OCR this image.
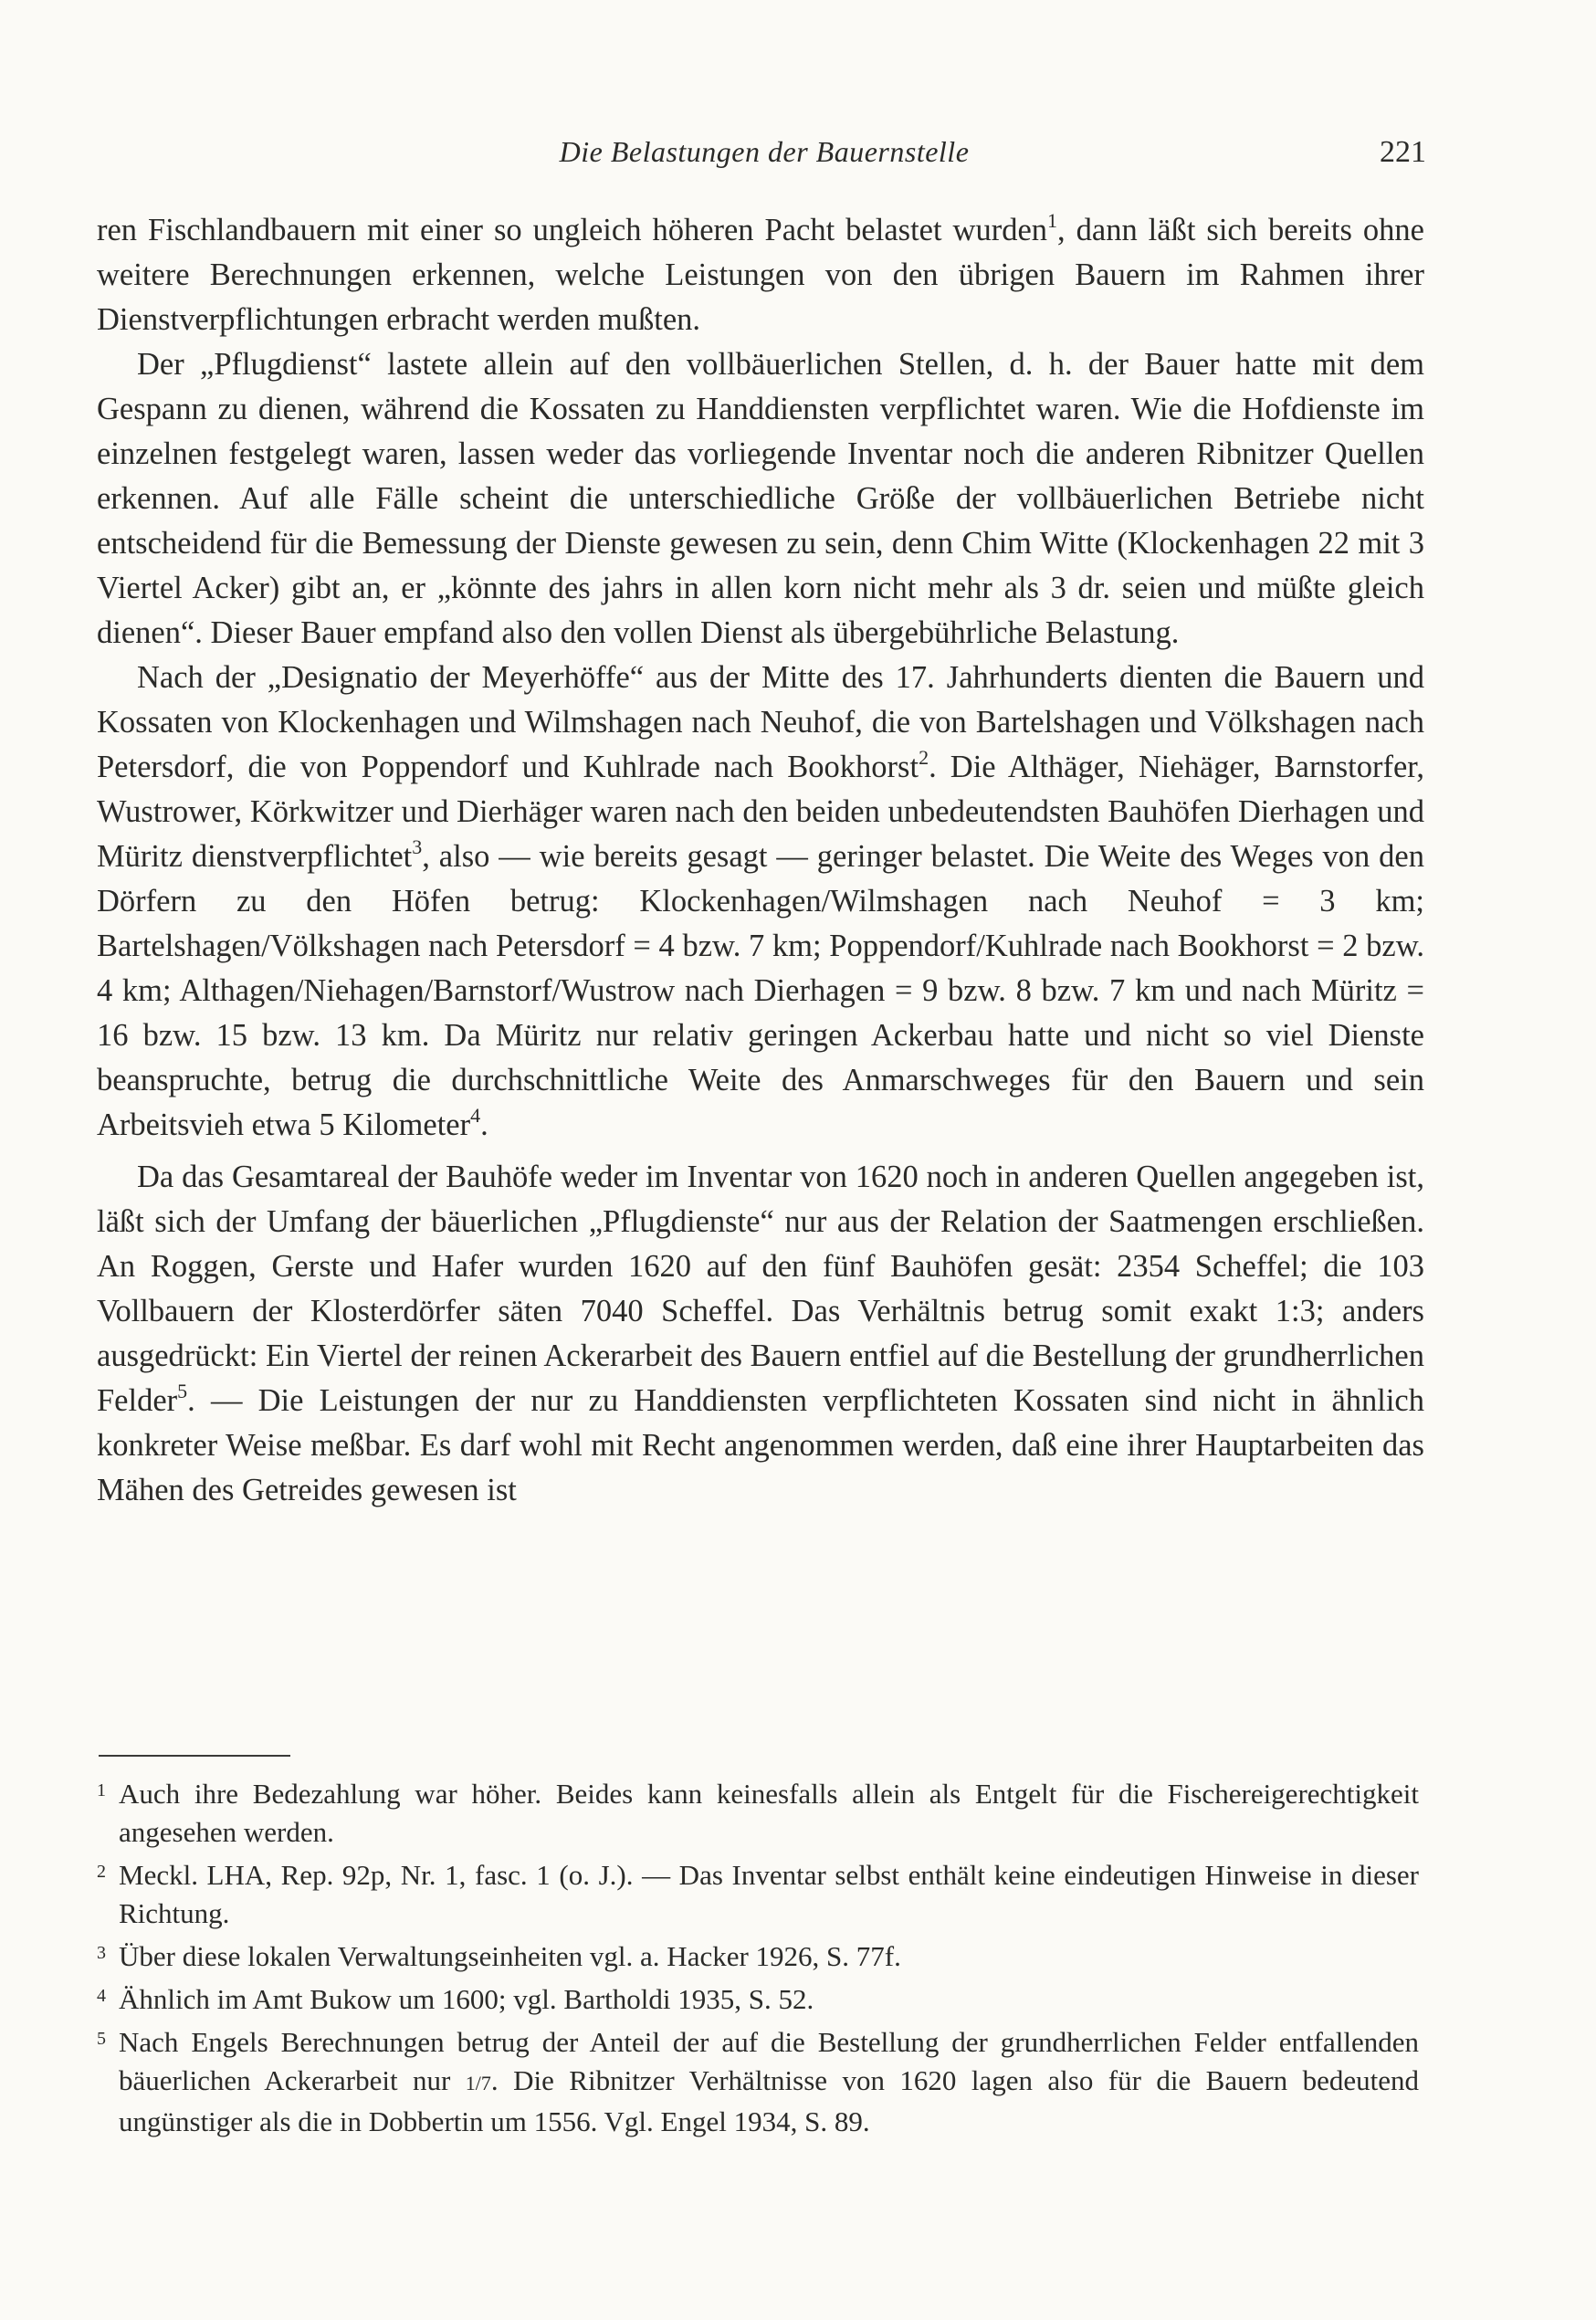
Die Belastungen der Bauernstelle	221

ren Fischlandbauern mit einer so ungleich höheren Pacht belastet wurden$^1$, dann läßt sich bereits ohne weitere Berechnungen erkennen, welche Leistungen von den übrigen Bauern im Rahmen ihrer Dienstverpflichtungen erbracht werden mußten.

Der „Pflugdienst“ lastete allein auf den vollbäuerlichen Stellen, d. h. der Bauer hatte mit dem Gespann zu dienen, während die Kossaten zu Handdiensten verpflichtet waren. Wie die Hofdienste im einzelnen festgelegt waren, lassen weder das vorliegende Inventar noch die anderen Ribnitzer Quellen erkennen. Auf alle Fälle scheint die unterschiedliche Größe der vollbäuerlichen Betriebe nicht entscheidend für die Bemessung der Dienste gewesen zu sein, denn Chim Witte (Klockenhagen 22 mit 3 Viertel Acker) gibt an, er „könnte des jahrs in allen korn nicht mehr als 3 dr. seien und müßte gleich dienen“. Dieser Bauer empfand also den vollen Dienst als übergebührliche Belastung.

Nach der „Designatio der Meyerhöffe“ aus der Mitte des 17. Jahrhunderts dienten die Bauern und Kossaten von Klockenhagen und Wilmshagen nach Neuhof, die von Bartelshagen und Völkshagen nach Petersdorf, die von Poppendorf und Kuhlrade nach Bookhorst$^2$. Die Althäger, Niehäger, Barnstorfer, Wustrower, Körkwitzer und Dierhäger waren nach den beiden unbedeutendsten Bauhöfen Dierhagen und Müritz dienstverpflichtet$^3$, also — wie bereits gesagt — geringer belastet. Die Weite des Weges von den Dörfern zu den Höfen betrug: Klockenhagen/Wilmshagen nach Neuhof = 3 km; Bartelshagen/Völkshagen nach Petersdorf = 4 bzw. 7 km; Poppendorf/Kuhlrade nach Bookhorst = 2 bzw. 4 km; Althagen/Niehagen/Barnstorf/Wustrow nach Dierhagen = 9 bzw. 8 bzw. 7 km und nach Müritz = 16 bzw. 15 bzw. 13 km. Da Müritz nur relativ geringen Ackerbau hatte und nicht so viel Dienste beanspruchte, betrug die durchschnittliche Weite des Anmarschweges für den Bauern und sein Arbeitsvieh etwa 5 Kilometer$^4$.

Da das Gesamtareal der Bauhöfe weder im Inventar von 1620 noch in anderen Quellen angegeben ist, läßt sich der Umfang der bäuerlichen „Pflugdienste“ nur aus der Relation der Saatmengen erschließen. An Roggen, Gerste und Hafer wurden 1620 auf den fünf Bauhöfen gesät: 2354 Scheffel; die 103 Vollbauern der Klosterdörfer säten 7040 Scheffel. Das Verhältnis betrug somit exakt 1:3; anders ausgedrückt: Ein Viertel der reinen Ackerarbeit des Bauern entfiel auf die Bestellung der grundherrlichen Felder$^5$. — Die Leistungen der nur zu Handdiensten verpflichteten Kossaten sind nicht in ähnlich konkreter Weise meßbar. Es darf wohl mit Recht angenommen werden, daß eine ihrer Hauptarbeiten das Mähen des Getreides gewesen ist

1 Auch ihre Bedezahlung war höher. Beides kann keinesfalls allein als Entgelt für die Fischereigerechtigkeit angesehen werden.
2 Meckl. LHA, Rep. 92p, Nr. 1, fasc. 1 (o. J.). — Das Inventar selbst enthält keine eindeutigen Hinweise in dieser Richtung.
3 Über diese lokalen Verwaltungseinheiten vgl. a. Hacker 1926, S. 77f.
4 Ähnlich im Amt Bukow um 1600; vgl. Bartholdi 1935, S. 52.
5 Nach Engels Berechnungen betrug der Anteil der auf die Bestellung der grundherrlichen Felder entfallenden bäuerlichen Ackerarbeit nur 1/7. Die Ribnitzer Verhältnisse von 1620 lagen also für die Bauern bedeutend ungünstiger als die in Dobbertin um 1556. Vgl. Engel 1934, S. 89.
